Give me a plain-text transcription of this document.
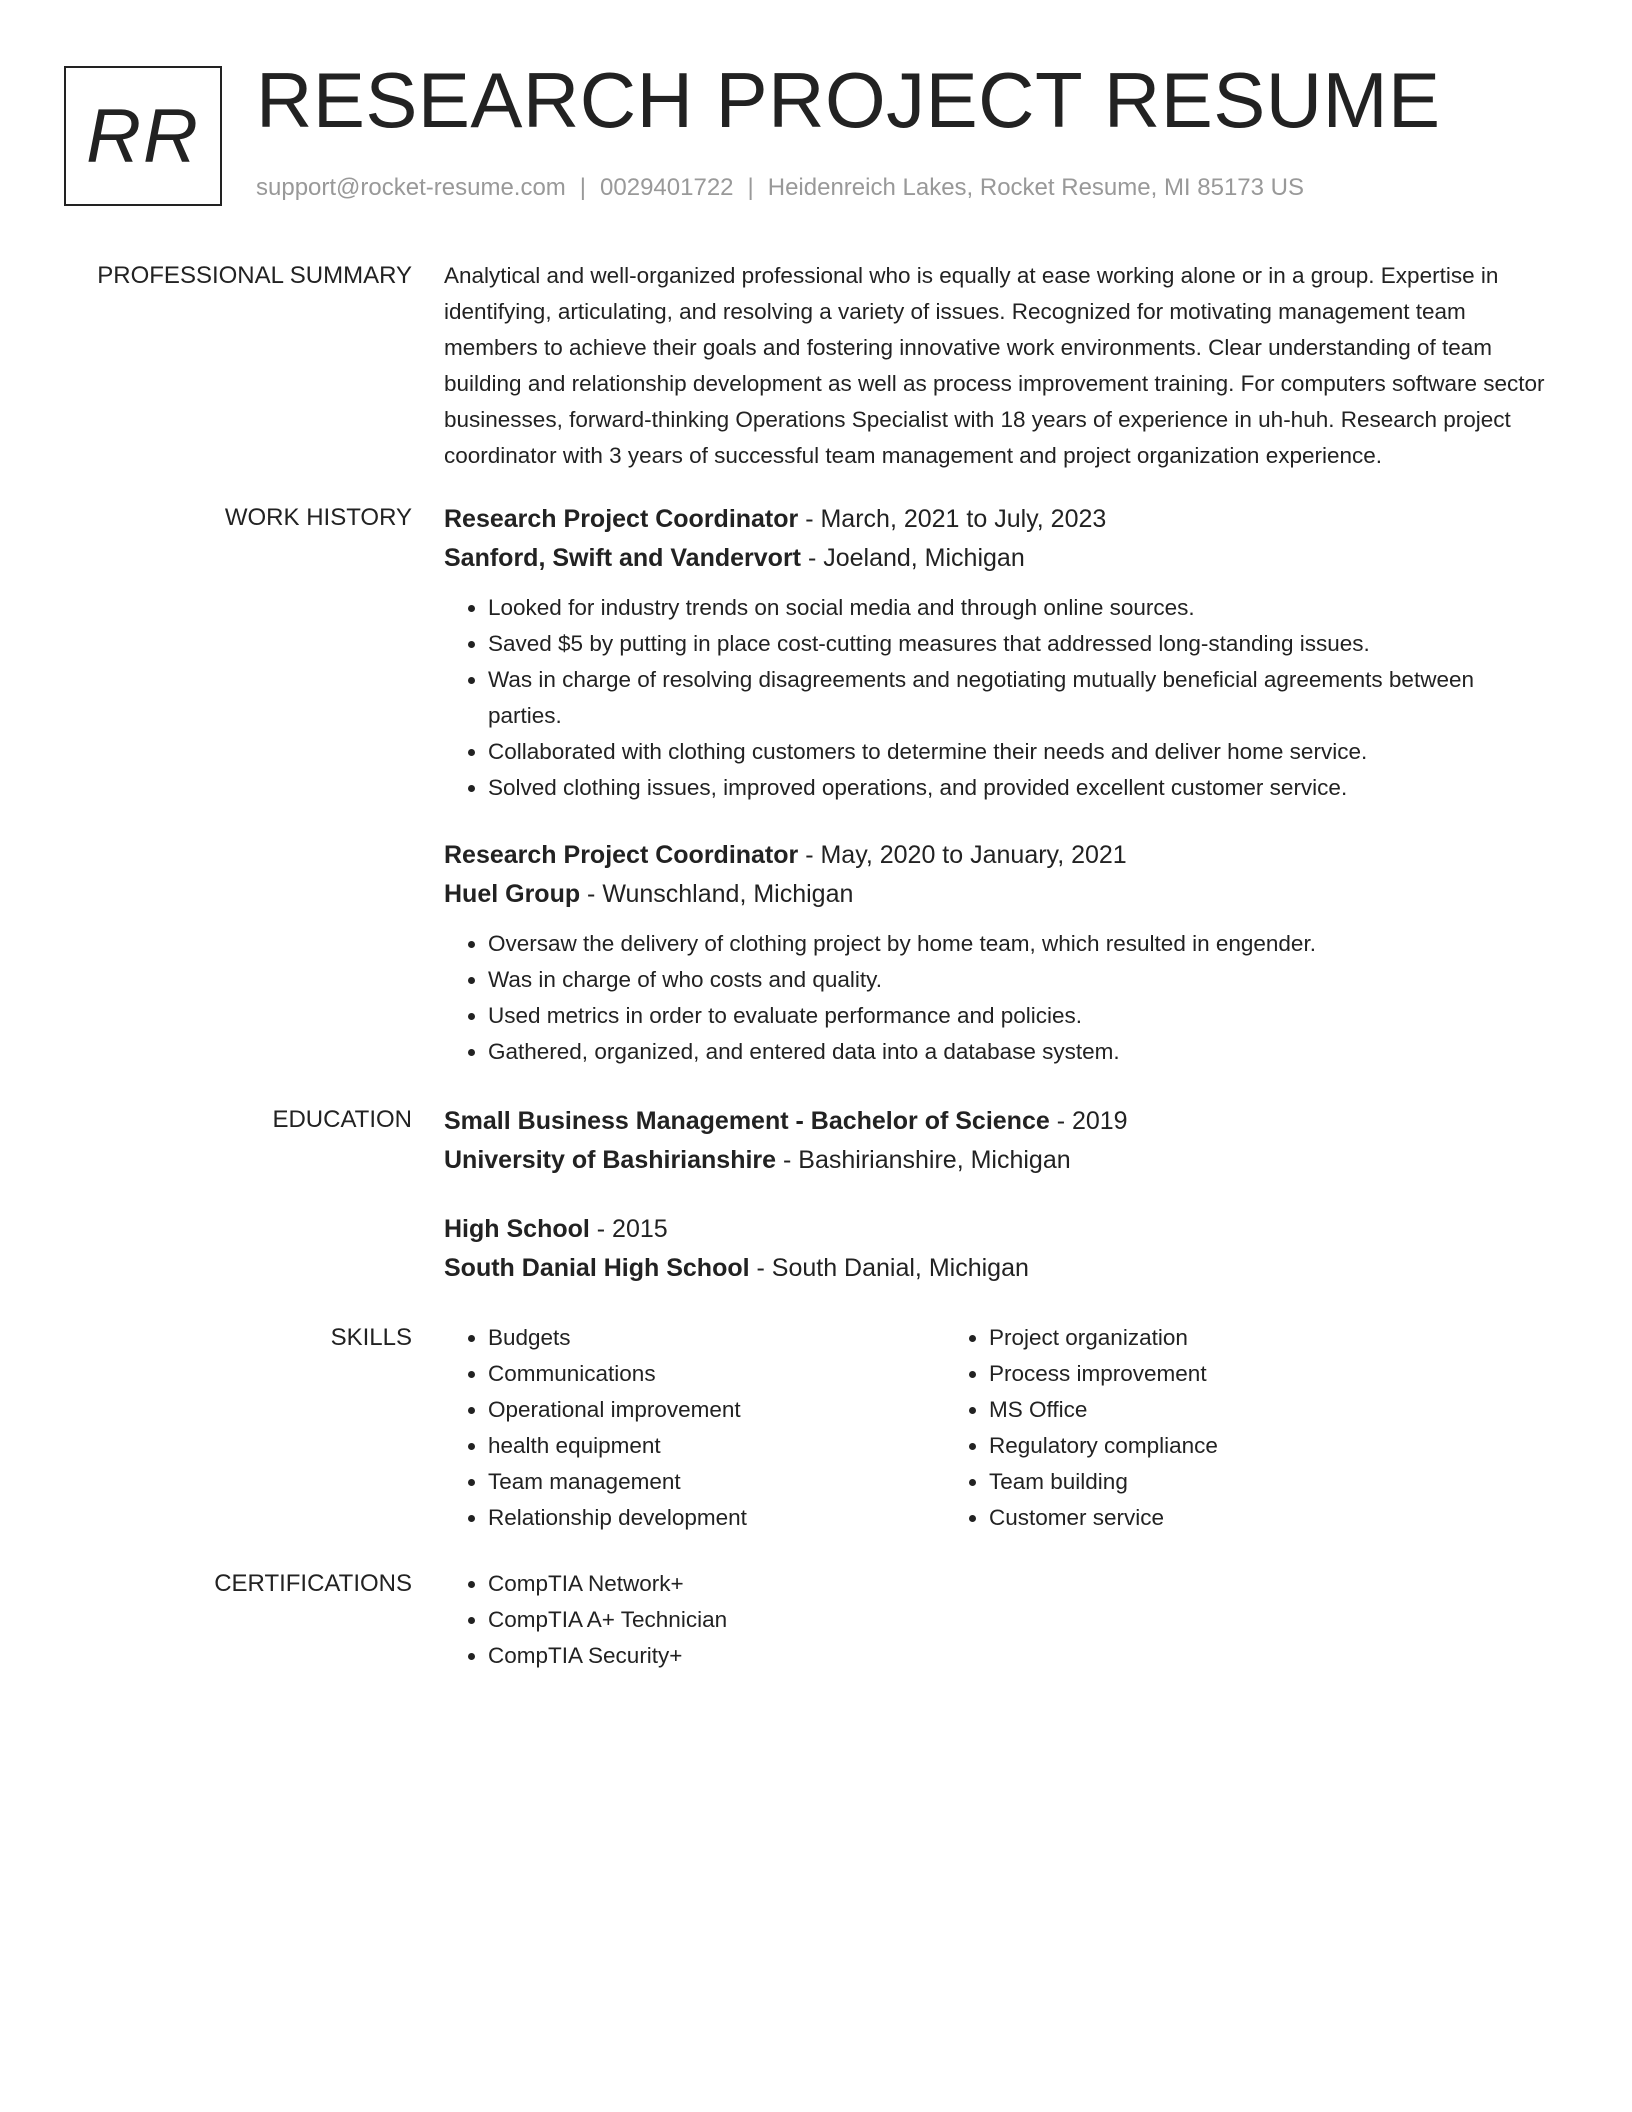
RR RESEARCH PROJECT RESUME
support@rocket-resume.com | 0029401722 | Heidenreich Lakes, Rocket Resume, MI 85173 US
PROFESSIONAL SUMMARY Analytical and well-organized professional who is equally at ease working alone or in a group. Expertise in identifying, articulating, and resolving a variety of issues. Recognized for motivating management team members to achieve their goals and fostering innovative work environments. Clear understanding of team building and relationship development as well as process improvement training. For computers software sector businesses, forward-thinking Operations Specialist with 18 years of experience in uh-huh. Research project coordinator with 3 years of successful team management and project organization experience.

WORK HISTORY Research Project Coordinator - March, 2021 to July, 2023
Sanford, Swift and Vandervort - Joeland, Michigan
• Looked for industry trends on social media and through online sources.
• Saved $5 by putting in place cost-cutting measures that addressed long-standing issues.
• Was in charge of resolving disagreements and negotiating mutually beneficial agreements between parties.
• Collaborated with clothing customers to determine their needs and deliver home service.
• Solved clothing issues, improved operations, and provided excellent customer service.
Research Project Coordinator - May, 2020 to January, 2021
Huel Group - Wunschland, Michigan
• Oversaw the delivery of clothing project by home team, which resulted in engender.
• Was in charge of who costs and quality.
• Used metrics in order to evaluate performance and policies.
• Gathered, organized, and entered data into a database system.
EDUCATION Small Business Management - Bachelor of Science - 2019
University of Bashirianshire - Bashirianshire, Michigan
High School - 2015
South Danial High School - South Danial, Michigan
SKILLS	• Budgets
• Communications
• Operational improvement
• health equipment
• Team management
• Relationship development
• Project organization
• Process improvement
• MS Office
• Regulatory compliance
• Team building
• Customer service
CERTIFICATIONS	• CompTIA Network+
• CompTIA A+ Technician
• CompTIA Security+
